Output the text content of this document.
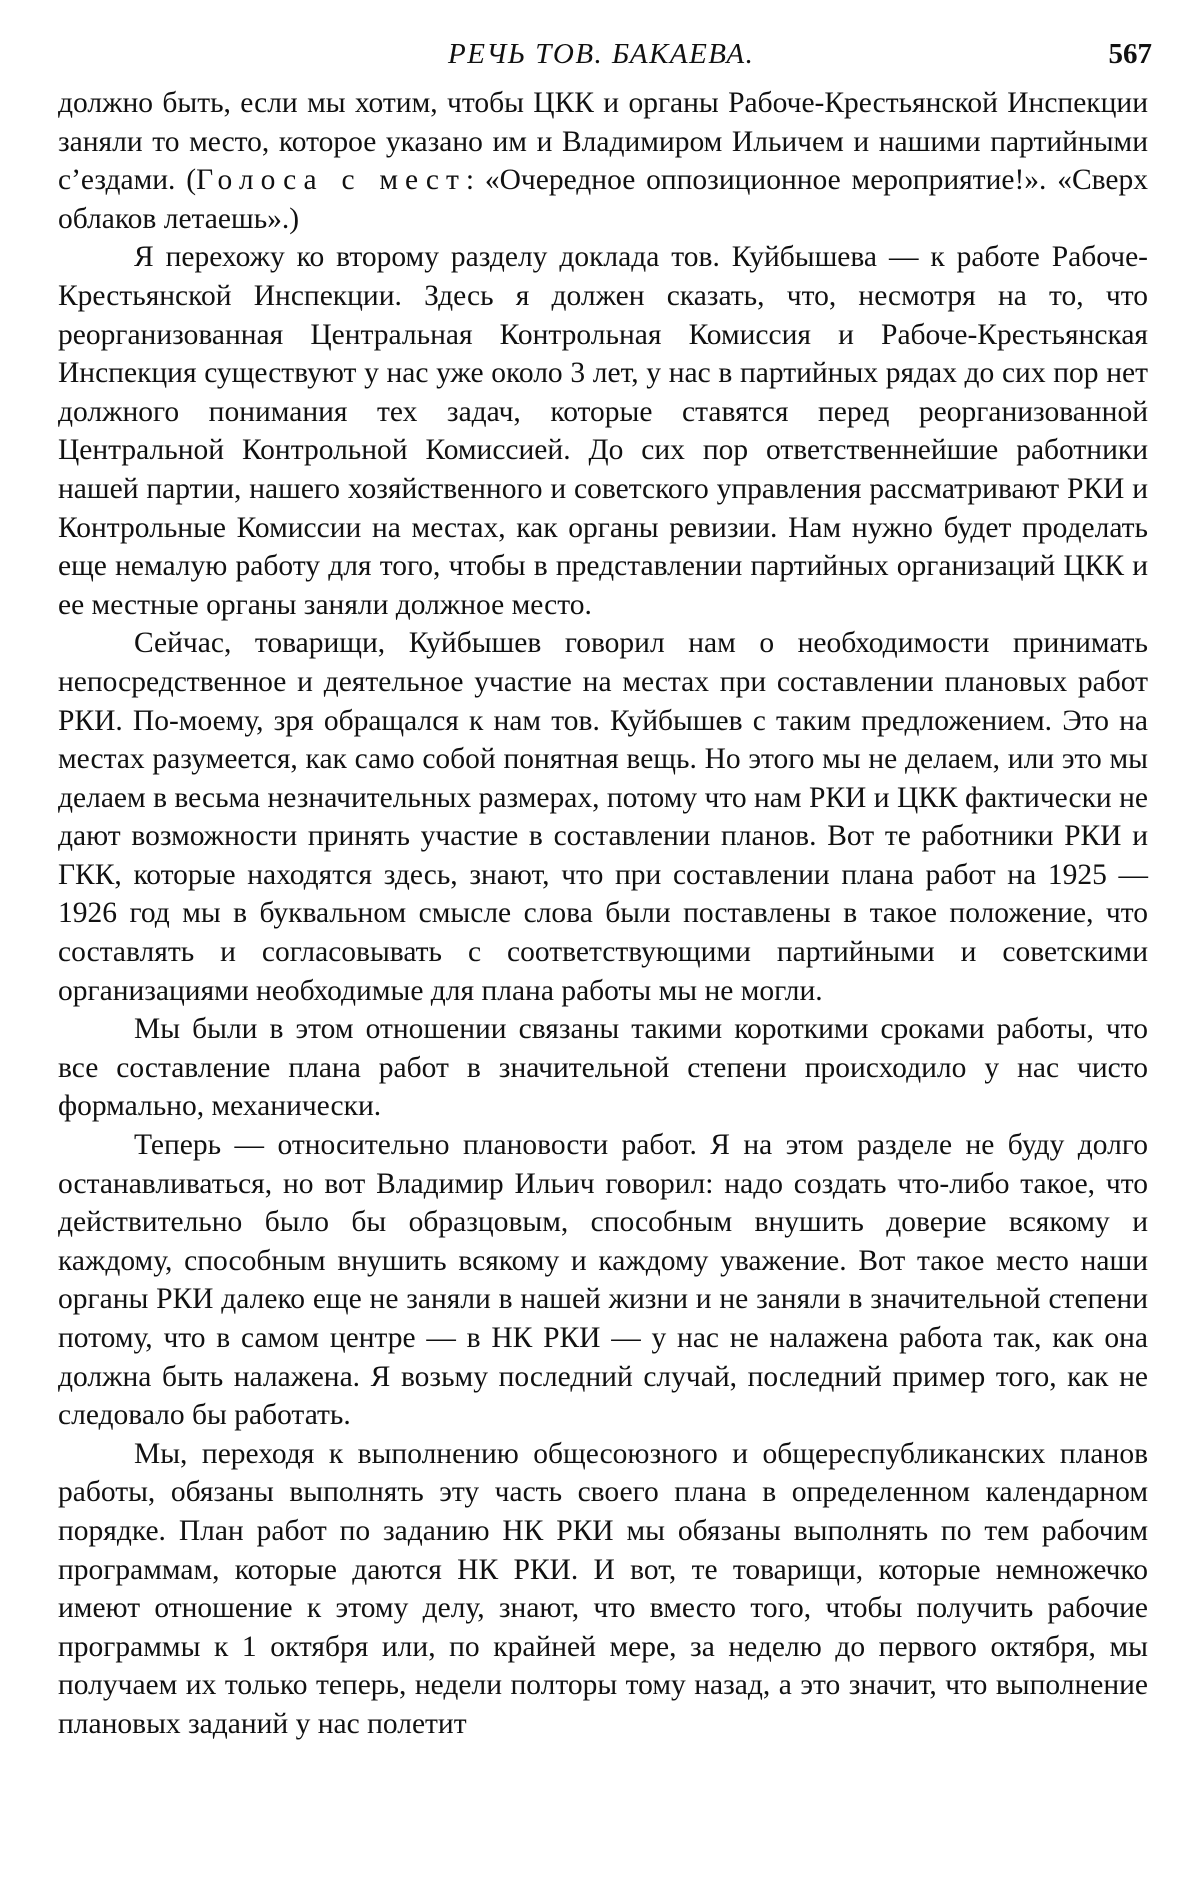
РЕЧЬ ТОВ. БАКАЕВА.	567

должно быть, если мы хотим, чтобы ЦКК и органы Рабоче-Крестьянской Инспекции заняли то место, которое указано им и Владимиром Ильичем и нашими партийными с’ездами. (Голоса с мест: «Очередное оппозиционное мероприятие!». «Сверх облаков летаешь».)

Я перехожу ко второму разделу доклада тов. Куйбышева — к работе Рабоче-Крестьянской Инспекции. Здесь я должен сказать, что, несмотря на то, что реорганизованная Центральная Контрольная Комиссия и Рабоче-Крестьянская Инспекция существуют у нас уже около 3 лет, у нас в партийных рядах до сих пор нет должного понимания тех задач, которые ставятся перед реорганизованной Центральной Контрольной Комиссией. До сих пор ответственнейшие работники нашей партии, нашего хозяйственного и советского управления рассматривают РКИ и Контрольные Комиссии на местах, как органы ревизии. Нам нужно будет проделать еще немалую работу для того, чтобы в представлении партийных организаций ЦКК и ее местные органы заняли должное место.

Сейчас, товарищи, Куйбышев говорил нам о необходимости принимать непосредственное и деятельное участие на местах при составлении плановых работ РКИ. По-моему, зря обращался к нам тов. Куйбышев с таким предложением. Это на местах разумеется, как само собой понятная вещь. Но этого мы не делаем, или это мы делаем в весьма незначительных размерах, потому что нам РКИ и ЦКК фактически не дают возможности принять участие в составлении планов. Вот те работники РКИ и ГКК, которые находятся здесь, знают, что при составлении плана работ на 1925 — 1926 год мы в буквальном смысле слова были поставлены в такое положение, что составлять и согласовывать с соответствующими партийными и советскими организациями необходимые для плана работы мы не могли.

Мы были в этом отношении связаны такими короткими сроками работы, что все составление плана работ в значительной степени происходило у нас чисто формально, механически.

Теперь — относительно плановости работ. Я на этом разделе не буду долго останавливаться, но вот Владимир Ильич говорил: надо создать что-либо такое, что действительно было бы образцовым, способным внушить доверие всякому и каждому, способным внушить всякому и каждому уважение. Вот такое место наши органы РКИ далеко еще не заняли в нашей жизни и не заняли в значительной степени потому, что в самом центре — в НК РКИ — у нас не налажена работа так, как она должна быть налажена. Я возьму последний случай, последний пример того, как не следовало бы работать.

Мы, переходя к выполнению общесоюзного и общереспубликанских планов работы, обязаны выполнять эту часть своего плана в определенном календарном порядке. План работ по заданию НК РКИ мы обязаны выполнять по тем рабочим программам, которые даются НК РКИ. И вот, те товарищи, которые немножечко имеют отношение к этому делу, знают, что вместо того, чтобы получить рабочие программы к 1 октября или, по крайней мере, за неделю до первого октября, мы получаем их только теперь, недели полторы тому назад, а это значит, что выполнение плановых заданий у нас полетит
